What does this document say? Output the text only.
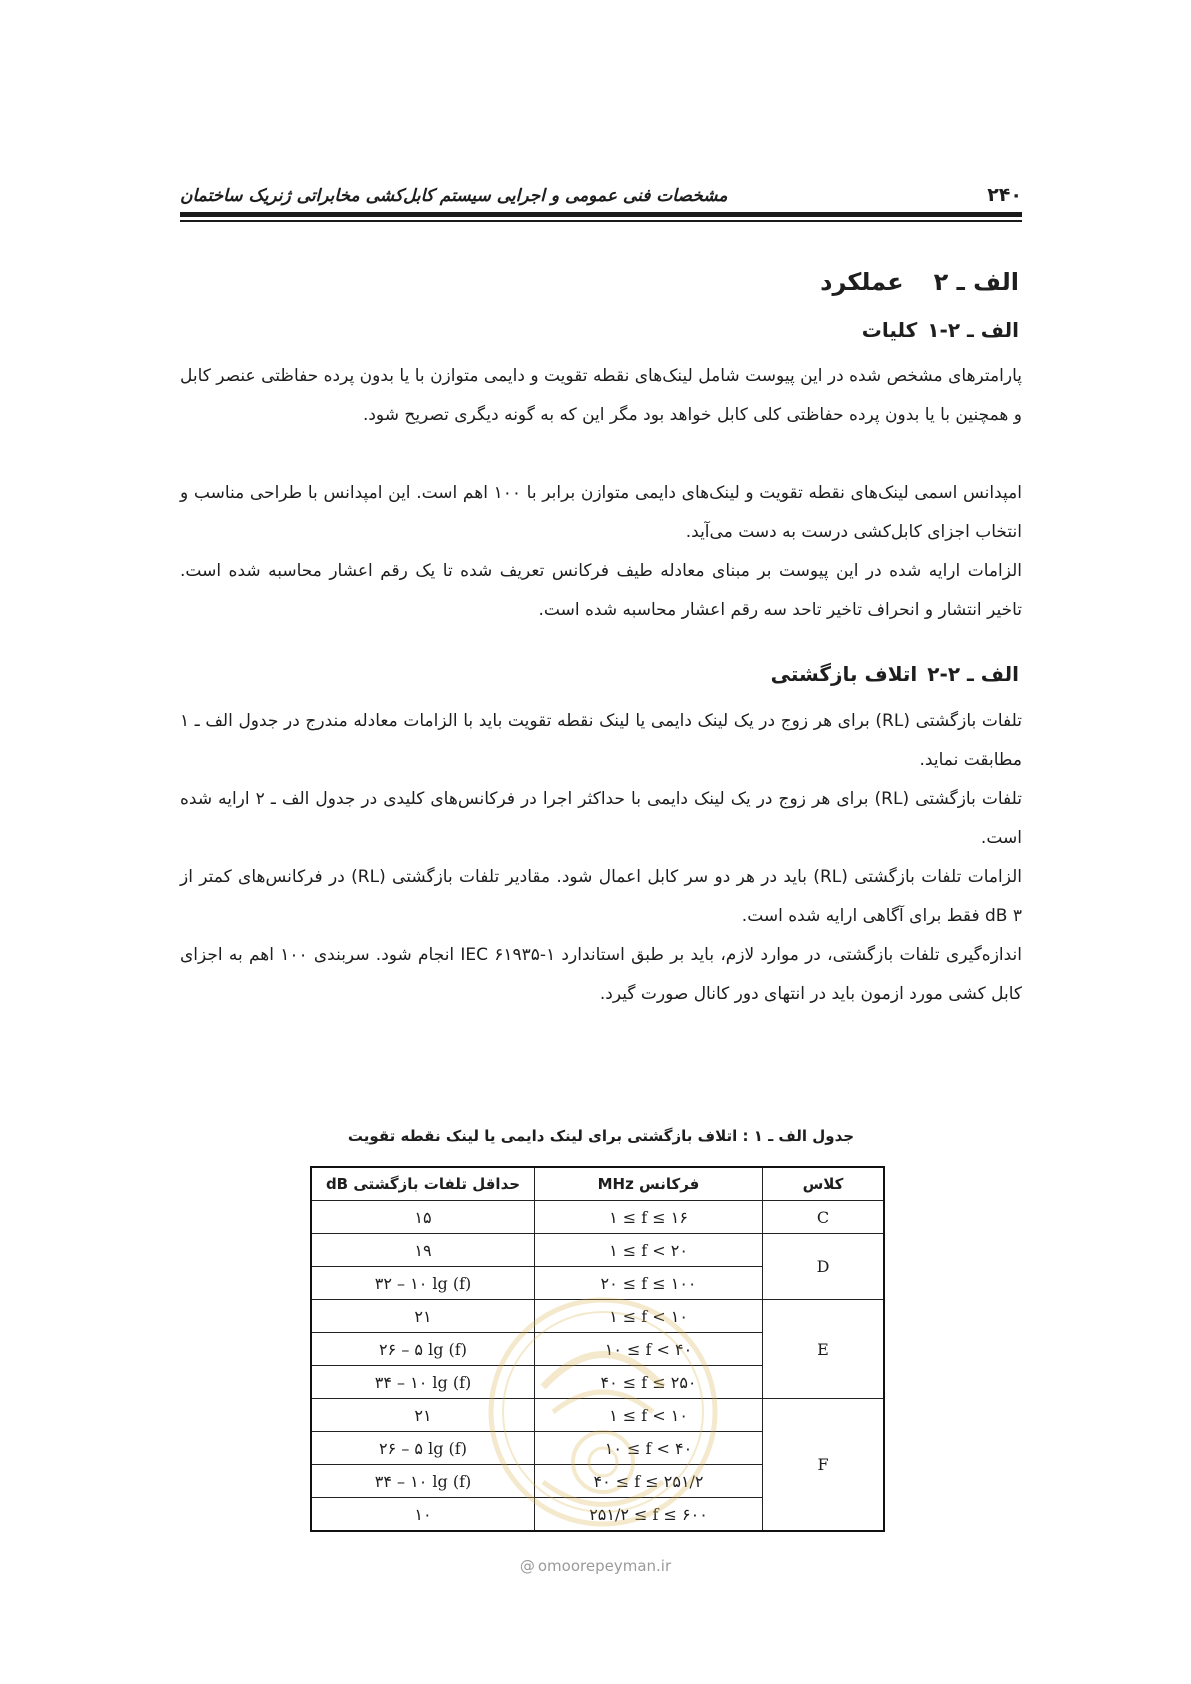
مشخصات فنی عمومی و اجرایی سیستم کابل‌کشی مخابراتی ژنریک ساختمان	۲۴۰
الف ـ ۲عملکرد
الف ـ ۲-۱کلیات
پارامترهای مشخص شده در این پیوست شامل لینک‌های نقطه تقویت و دایمی متوازن با یا بدون پرده حفاظتی عنصر کابل و همچنین با یا بدون پرده حفاظتی کلی کابل خواهد بود مگر این که به گونه دیگری تصریح شود.
امپدانس اسمی لینک‌های نقطه تقویت و لینک‌های دایمی متوازن برابر با ۱۰۰ اهم است. این امپدانس با طراحی مناسب و انتخاب اجزای کابل‌کشی درست به دست می‌آید.
الزامات ارایه شده در این پیوست بر مبنای معادله طیف فرکانس تعریف شده تا یک رقم اعشار محاسبه شده است. تاخیر انتشار و انحراف تاخیر تاحد سه رقم اعشار محاسبه شده است.
الف ـ ۲-۲اتلاف بازگشتی
تلفات بازگشتی (RL) برای هر زوج در یک لینک دایمی یا لینک نقطه تقویت باید با الزامات معادله مندرج در جدول الف ـ ۱ مطابقت نماید.
تلفات بازگشتی (RL) برای هر زوج در یک لینک دایمی با حداکثر اجرا در فرکانس‌های کلیدی در جدول الف ـ ۲ ارایه شده است.
الزامات تلفات بازگشتی (RL) باید در هر دو سر کابل اعمال شود. مقادیر تلفات بازگشتی (RL) در فرکانس‌های کمتر از dB ۳ فقط برای آگاهی ارایه شده است.
اندازه‌گیری تلفات بازگشتی، در موارد لازم، باید بر طبق استاندارد ۱-۶۱۹۳۵ IEC انجام شود. سربندی ۱۰۰ اهم به اجزای کابل کشی مورد ازمون باید در انتهای دور کانال صورت گیرد.
جدول الف ـ ۱ : اتلاف بازگشتی برای لینک دایمی یا لینک نقطه تقویت
کلاس	فرکانس MHz	حداقل تلفات بازگشتی dB
C	۱ ≤ f ≤ ۱۶	۱۵
D	۱ ≤ f < ۲۰	۱۹
	۲۰ ≤ f ≤ ۱۰۰	۳۲ – ۱۰ lg (f)
E	۱ ≤ f < ۱۰	۲۱
	۱۰ ≤ f < ۴۰	۲۶ – ۵ lg (f)
	۴۰ ≤ f ≤ ۲۵۰	۳۴ – ۱۰ lg (f)
F	۱ ≤ f < ۱۰	۲۱
	۱۰ ≤ f < ۴۰	۲۶ – ۵ lg (f)
	۴۰ ≤ f ≤ ۲۵۱/۲	۳۴ – ۱۰ lg (f)
	۲۵۱/۲ ≤ f ≤ ۶۰۰	۱۰
@ omoorepeyman.ir
